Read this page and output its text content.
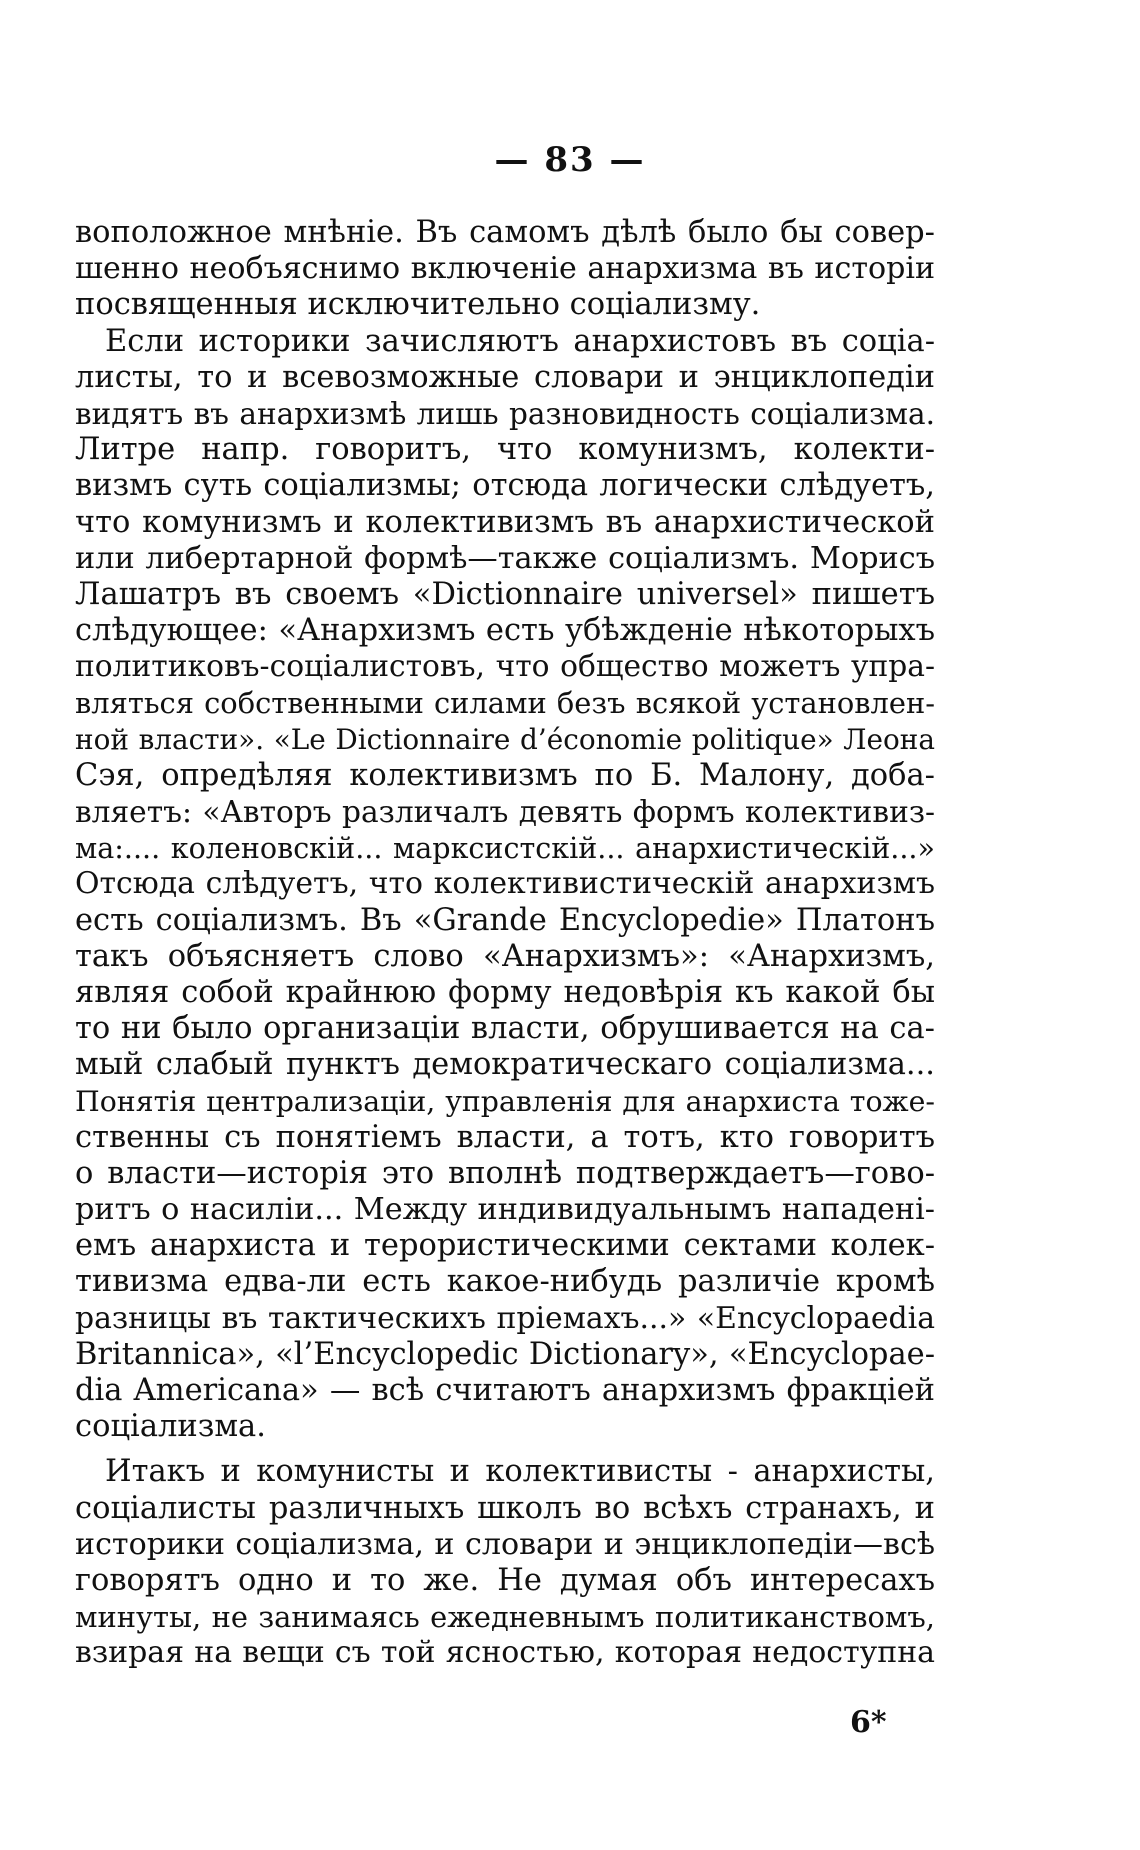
— 83 —
воположное мнѣніе. Въ самомъ дѣлѣ было бы совер-
шенно необъяснимо включеніе анархизма въ исторіи
посвященныя исключительно соціализму.
Если историки зачисляютъ анархистовъ въ соціа-
листы, то и всевозможные словари и энциклопедіи
видятъ въ анархизмѣ лишь разновидность соціализма.
Литре напр. говоритъ, что комунизмъ, колекти-
визмъ суть соціализмы; отсюда логически слѣдуетъ,
что комунизмъ и колективизмъ въ анархистической
или либертарной формѣ—также соціализмъ. Морисъ
Лашатръ въ своемъ «Dictionnaire universel» пишетъ
слѣдующее: «Анархизмъ есть убѣжденіе нѣкоторыхъ
политиковъ-соціалистовъ, что общество можетъ упра-
вляться собственными силами безъ всякой установлен-
ной власти». «Le Dictionnaire d’économie politique» Леона
Сэя, опредѣляя колективизмъ по Б. Малону, доба-
вляетъ: «Авторъ различалъ девять формъ колективиз-
ма:.... коленовскій... марксистскій... анархистическій...»
Отсюда слѣдуетъ, что колективистическій анархизмъ
есть соціализмъ. Въ «Grande Encyclopedie» Платонъ
такъ объясняетъ слово «Анархизмъ»: «Анархизмъ,
являя собой крайнюю форму недовѣрія къ какой бы
то ни было организаціи власти, обрушивается на са-
мый слабый пунктъ демократическаго соціализма...
Понятія централизаціи, управленія для анархиста тоже-
ственны съ понятіемъ власти, а тотъ, кто говоритъ
о власти—исторія это вполнѣ подтверждаетъ—гово-
ритъ о насиліи... Между индивидуальнымъ нападені-
емъ анархиста и терористическими сектами колек-
тивизма едва-ли есть какое-нибудь различіе кромѣ
разницы въ тактическихъ пріемахъ...» «Encyclopaedia
Britannica», «l’Encyclopedic Dictionary», «Encyclopae-
dia Americana» — всѣ считаютъ анархизмъ фракціей
соціализма.
Итакъ и комунисты и колективисты - анархисты,
соціалисты различныхъ школъ во всѣхъ странахъ, и
историки соціализма, и словари и энциклопедіи—всѣ
говорятъ одно и то же. Не думая объ интересахъ
минуты, не занимаясь ежедневнымъ политиканствомъ,
взирая на вещи съ той ясностью, которая недоступна
6*
